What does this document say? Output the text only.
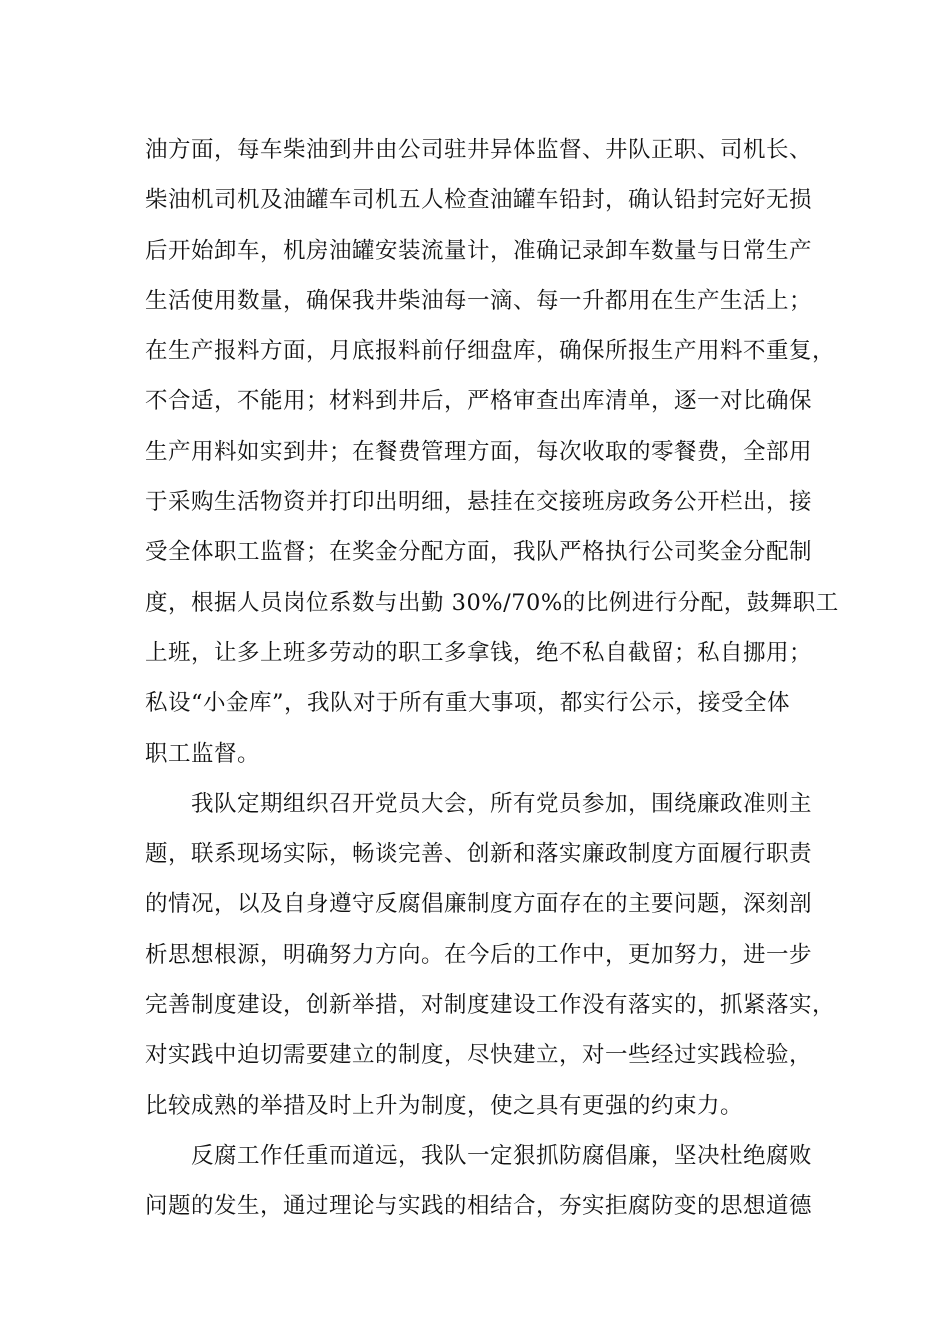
油方面，每车柴油到井由公司驻井异体监督、井队正职、司机长、
柴油机司机及油罐车司机五人检查油罐车铅封，确认铅封完好无损
后开始卸车，机房油罐安装流量计，准确记录卸车数量与日常生产
生活使用数量，确保我井柴油每一滴、每一升都用在生产生活上；
在生产报料方面，月底报料前仔细盘库，确保所报生产用料不重复，
不合适，不能用；材料到井后，严格审查出库清单，逐一对比确保
生产用料如实到井；在餐费管理方面，每次收取的零餐费，全部用
于采购生活物资并打印出明细，悬挂在交接班房政务公开栏出，接
受全体职工监督；在奖金分配方面，我队严格执行公司奖金分配制
度，根据人员岗位系数与出勤 30%/70%的比例进行分配，鼓舞职工
上班，让多上班多劳动的职工多拿钱，绝不私自截留；私自挪用；
私设“小金库”，我队对于所有重大事项，都实行公示，接受全体
职工监督。
　　我队定期组织召开党员大会，所有党员参加，围绕廉政准则主
题，联系现场实际，畅谈完善、创新和落实廉政制度方面履行职责
的情况，以及自身遵守反腐倡廉制度方面存在的主要问题，深刻剖
析思想根源，明确努力方向。在今后的工作中，更加努力，进一步
完善制度建设，创新举措，对制度建设工作没有落实的，抓紧落实，
对实践中迫切需要建立的制度，尽快建立，对一些经过实践检验，
比较成熟的举措及时上升为制度，使之具有更强的约束力。
　　反腐工作任重而道远，我队一定狠抓防腐倡廉，坚决杜绝腐败
问题的发生，通过理论与实践的相结合，夯实拒腐防变的思想道德
